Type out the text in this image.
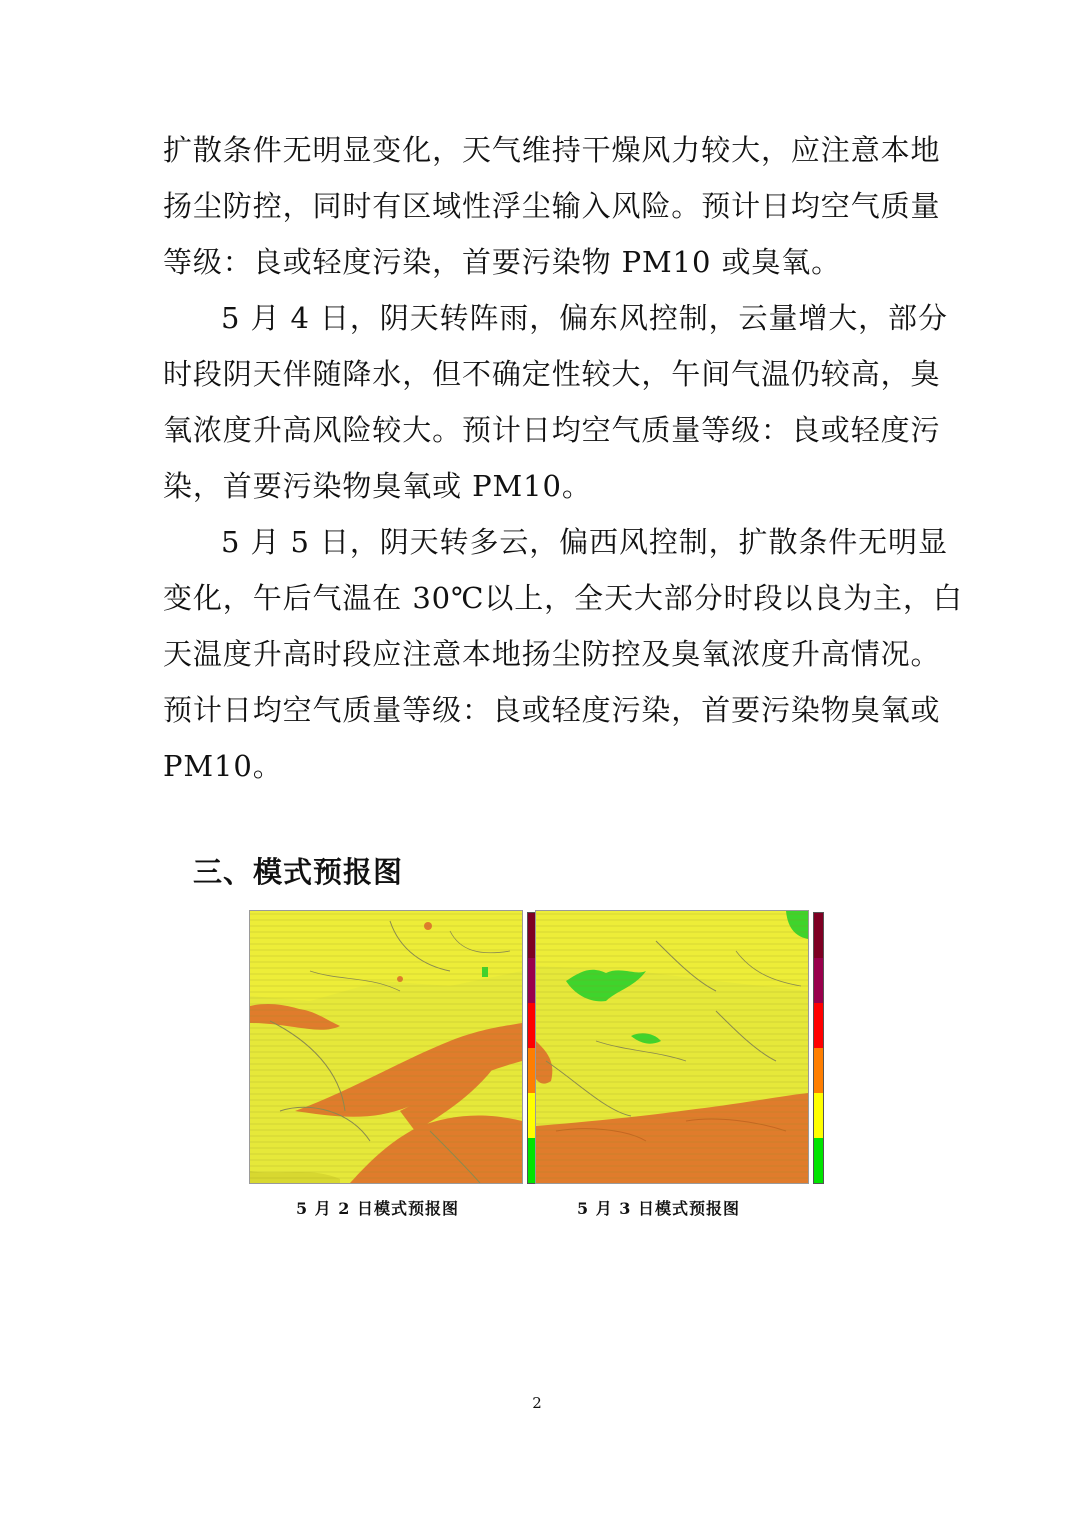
扩散条件无明显变化，天气维持干燥风力较大，应注意本地
扬尘防控，同时有区域性浮尘输入风险。预计日均空气质量
等级：良或轻度污染，首要污染物 PM10 或臭氧。
5 月 4 日，阴天转阵雨，偏东风控制，云量增大，部分
时段阴天伴随降水，但不确定性较大，午间气温仍较高，臭
氧浓度升高风险较大。预计日均空气质量等级：良或轻度污
染，首要污染物臭氧或 PM10。
5 月 5 日，阴天转多云，偏西风控制，扩散条件无明显
变化，午后气温在 30℃以上，全天大部分时段以良为主，白
天温度升高时段应注意本地扬尘防控及臭氧浓度升高情况。
预计日均空气质量等级：良或轻度污染，首要污染物臭氧或
PM10。
三、模式预报图
5 月 2 日模式预报图	5 月 3 日模式预报图
2
